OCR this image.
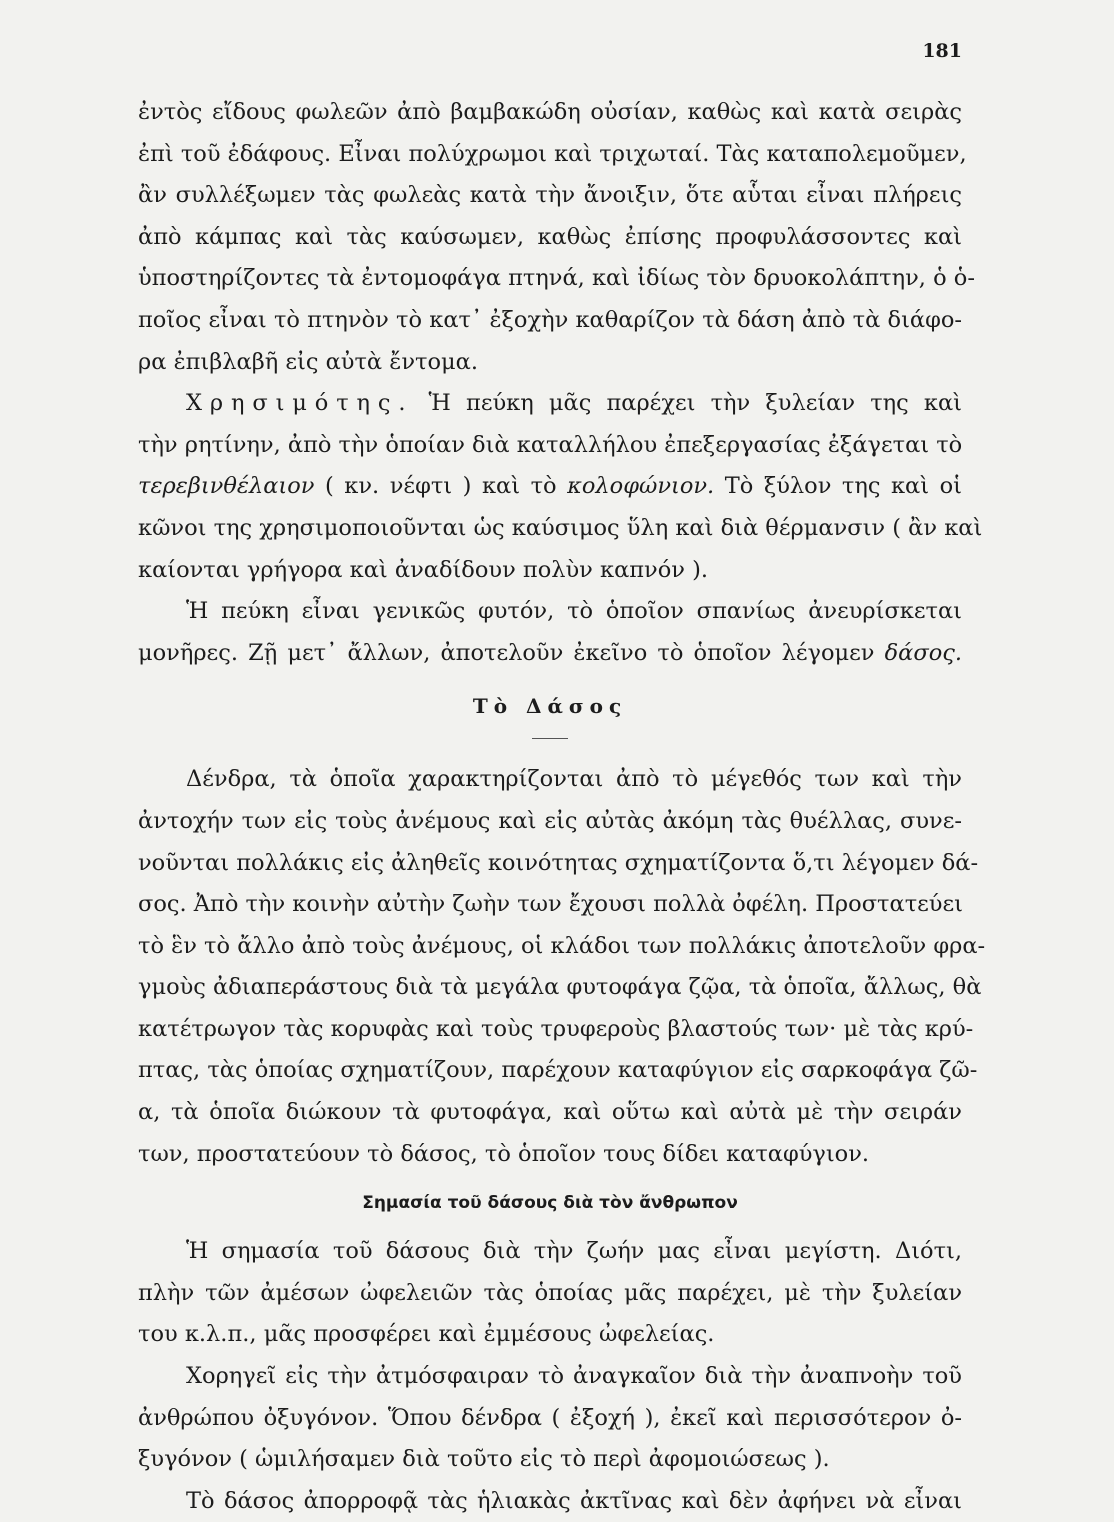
181
ἐντὸς εἴδους φωλεῶν ἀπὸ βαμβακώδη οὐσίαν, καθὼς καὶ κατὰ σειρὰς
ἐπὶ τοῦ ἐδάφους. Εἶναι πολύχρωμοι καὶ τριχωταί. Τὰς καταπολεμοῦμεν,
ἂν συλλέξωμεν τὰς φωλεὰς κατὰ τὴν ἄνοιξιν, ὅτε αὗται εἶναι πλήρεις
ἀπὸ κάμπας καὶ τὰς καύσωμεν, καθὼς ἐπίσης προφυλάσσοντες καὶ
ὑποστηρίζοντες τὰ ἐντομοφάγα πτηνά, καὶ ἰδίως τὸν δρυοκολάπτην, ὁ ὁ-
ποῖος εἶναι τὸ πτηνὸν τὸ κατ᾽ ἐξοχὴν καθαρίζον τὰ δάση ἀπὸ τὰ διάφο-
ρα ἐπιβλαβῆ εἰς αὐτὰ ἔντομα.
Χρησιμότης. Ἡ πεύκη μᾶς παρέχει τὴν ξυλείαν της καὶ
τὴν ρητίνην, ἀπὸ τὴν ὁποίαν διὰ καταλλήλου ἐπεξεργασίας ἐξάγεται τὸ
τερεβινθέλαιον ( κν. νέφτι ) καὶ τὸ κολοφώνιον. Τὸ ξύλον της καὶ οἱ
κῶνοι της χρησιμοποιοῦνται ὡς καύσιμος ὕλη καὶ διὰ θέρμανσιν ( ἂν καὶ
καίονται γρήγορα καὶ ἀναδίδουν πολὺν καπνόν ).
Ἡ πεύκη εἶναι γενικῶς φυτόν, τὸ ὁποῖον σπανίως ἀνευρίσκεται
μονῆρες. Ζῇ μετ᾽ ἄλλων, ἀποτελοῦν ἐκεῖνο τὸ ὁποῖον λέγομεν δάσος.
Τὸ Δάσος
Δένδρα, τὰ ὁποῖα χαρακτηρίζονται ἀπὸ τὸ μέγεθός των καὶ τὴν
ἀντοχήν των εἰς τοὺς ἀνέμους καὶ εἰς αὐτὰς ἀκόμη τὰς θυέλλας, συνε-
νοῦνται πολλάκις εἰς ἀληθεῖς κοινότητας σχηματίζοντα ὅ,τι λέγομεν δά-
σος. Ἀπὸ τὴν κοινὴν αὐτὴν ζωὴν των ἔχουσι πολλὰ ὀφέλη. Προστατεύει
τὸ ἓν τὸ ἄλλο ἀπὸ τοὺς ἀνέμους, οἱ κλάδοι των πολλάκις ἀποτελοῦν φρα-
γμοὺς ἀδιαπεράστους διὰ τὰ μεγάλα φυτοφάγα ζῷα, τὰ ὁποῖα, ἄλλως, θὰ
κατέτρωγον τὰς κορυφὰς καὶ τοὺς τρυφεροὺς βλαστούς των· μὲ τὰς κρύ-
πτας, τὰς ὁποίας σχηματίζουν, παρέχουν καταφύγιον εἰς σαρκοφάγα ζῶ-
α, τὰ ὁποῖα διώκουν τὰ φυτοφάγα, καὶ οὕτω καὶ αὐτὰ μὲ τὴν σειράν
των, προστατεύουν τὸ δάσος, τὸ ὁποῖον τους δίδει καταφύγιον.
Σημασία τοῦ δάσους διὰ τὸν ἄνθρωπον
Ἡ σημασία τοῦ δάσους διὰ τὴν ζωήν μας εἶναι μεγίστη. Διότι,
πλὴν τῶν ἀμέσων ὠφελειῶν τὰς ὁποίας μᾶς παρέχει, μὲ τὴν ξυλείαν
του κ.λ.π., μᾶς προσφέρει καὶ ἐμμέσους ὠφελείας.
Χορηγεῖ εἰς τὴν ἀτμόσφαιραν τὸ ἀναγκαῖον διὰ τὴν ἀναπνοὴν τοῦ
ἀνθρώπου ὀξυγόνον. Ὅπου δένδρα ( ἐξοχή ), ἐκεῖ καὶ περισσότερον ὀ-
ξυγόνον ( ὡμιλήσαμεν διὰ τοῦτο εἰς τὸ περὶ ἀφομοιώσεως ).
Τὸ δάσος ἀπορροφᾷ τὰς ἡλιακὰς ἀκτῖνας καὶ δὲν ἀφήνει νὰ εἶναι
